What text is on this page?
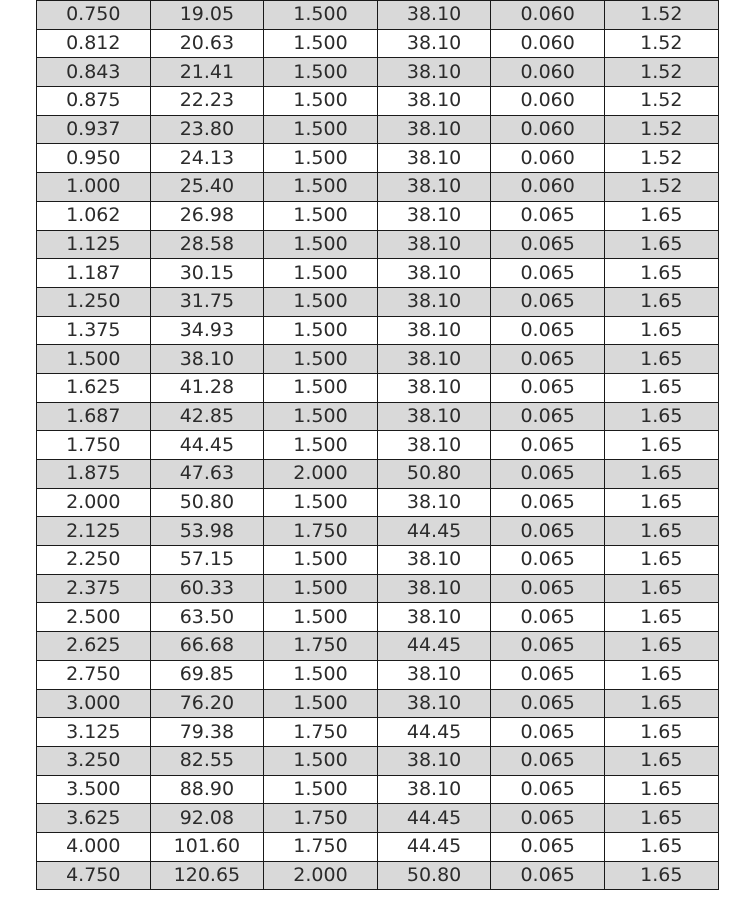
0.750	19.05	1.500	38.10	0.060	1.52
0.812	20.63	1.500	38.10	0.060	1.52
0.843	21.41	1.500	38.10	0.060	1.52
0.875	22.23	1.500	38.10	0.060	1.52
0.937	23.80	1.500	38.10	0.060	1.52
0.950	24.13	1.500	38.10	0.060	1.52
1.000	25.40	1.500	38.10	0.060	1.52
1.062	26.98	1.500	38.10	0.065	1.65
1.125	28.58	1.500	38.10	0.065	1.65
1.187	30.15	1.500	38.10	0.065	1.65
1.250	31.75	1.500	38.10	0.065	1.65
1.375	34.93	1.500	38.10	0.065	1.65
1.500	38.10	1.500	38.10	0.065	1.65
1.625	41.28	1.500	38.10	0.065	1.65
1.687	42.85	1.500	38.10	0.065	1.65
1.750	44.45	1.500	38.10	0.065	1.65
1.875	47.63	2.000	50.80	0.065	1.65
2.000	50.80	1.500	38.10	0.065	1.65
2.125	53.98	1.750	44.45	0.065	1.65
2.250	57.15	1.500	38.10	0.065	1.65
2.375	60.33	1.500	38.10	0.065	1.65
2.500	63.50	1.500	38.10	0.065	1.65
2.625	66.68	1.750	44.45	0.065	1.65
2.750	69.85	1.500	38.10	0.065	1.65
3.000	76.20	1.500	38.10	0.065	1.65
3.125	79.38	1.750	44.45	0.065	1.65
3.250	82.55	1.500	38.10	0.065	1.65
3.500	88.90	1.500	38.10	0.065	1.65
3.625	92.08	1.750	44.45	0.065	1.65
4.000	101.60	1.750	44.45	0.065	1.65
4.750	120.65	2.000	50.80	0.065	1.65
